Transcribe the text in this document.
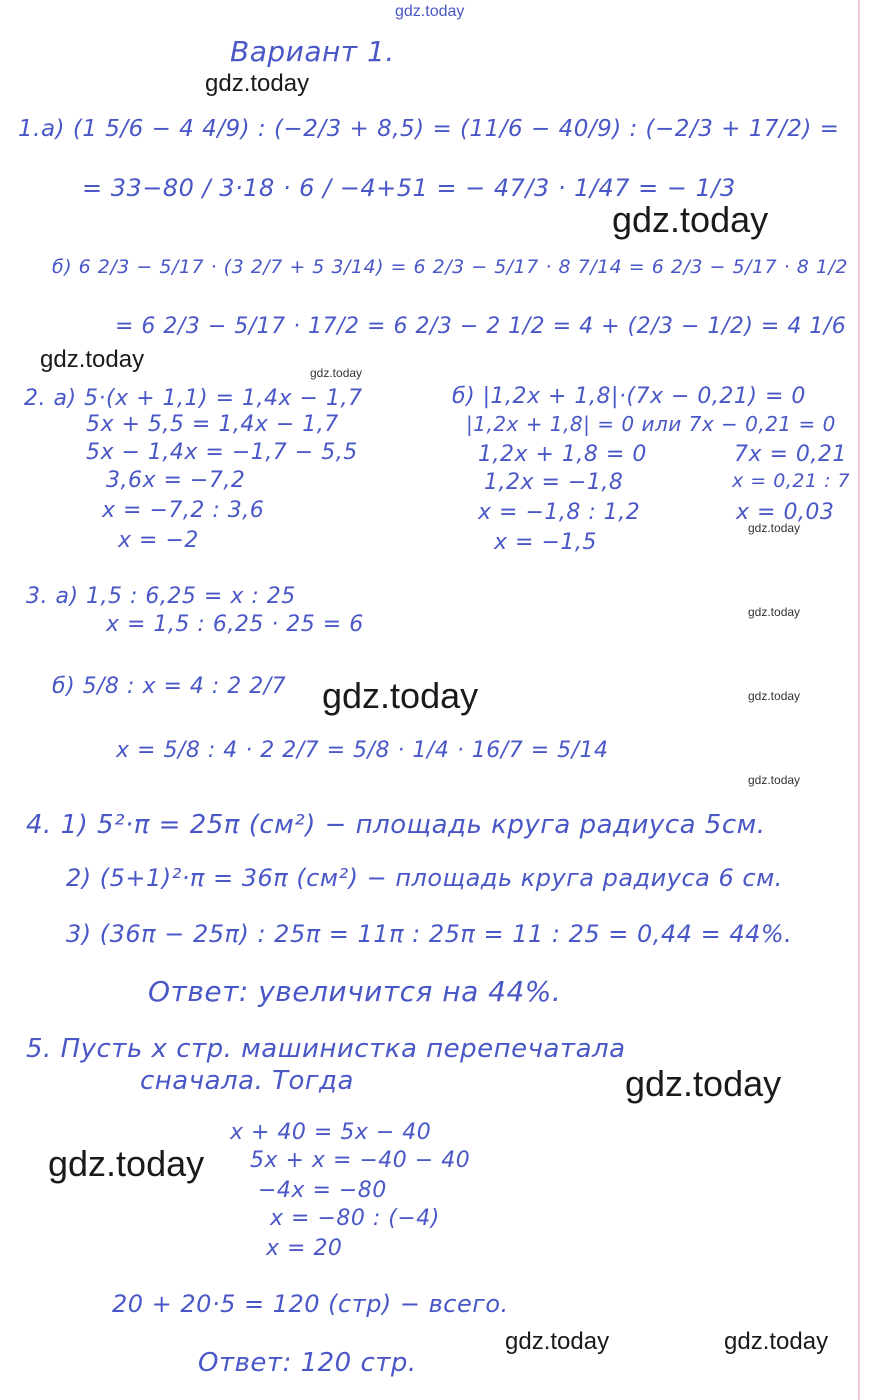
gdz.today
gdz.today
gdz.today
gdz.today	gdz.today
gdz.today
gdz.today
gdz.today	gdz.today
gdz.today
gdz.today
gdz.today
gdz.today	gdz.today
Вариант 1.
1.а) (1 5/6 − 4 4/9) : (−2/3 + 8,5) = (11/6 − 40/9) : (−2/3 + 17/2) =
= 33−80 / 3·18 · 6 / −4+51 = − 47/3 · 1/47 = − 1/3
б) 6 2/3 − 5/17 · (3 2/7 + 5 3/14) = 6 2/3 − 5/17 · 8 7/14 = 6 2/3 − 5/17 · 8 1/2
= 6 2/3 − 5/17 · 17/2 = 6 2/3 − 2 1/2 = 4 + (2/3 − 1/2) = 4 1/6
2. а) 5·(x + 1,1) = 1,4x − 1,7
5x + 5,5 = 1,4x − 1,7
5x − 1,4x = −1,7 − 5,5
3,6x = −7,2
x = −7,2 : 3,6
x = −2
б) |1,2x + 1,8|·(7x − 0,21) = 0
|1,2x + 1,8| = 0 или 7x − 0,21 = 0
1,2x + 1,8 = 0
1,2x = −1,8
x = −1,8 : 1,2
x = −1,5
7x = 0,21
x = 0,21 : 7
x = 0,03
3. а) 1,5 : 6,25 = x : 25
x = 1,5 : 6,25 · 25 = 6
б) 5/8 : x = 4 : 2 2/7
x = 5/8 : 4 · 2 2/7 = 5/8 · 1/4 · 16/7 = 5/14
4. 1) 5²·π = 25π (см²) − площадь круга радиуса 5см.
2) (5+1)²·π = 36π (см²) − площадь круга радиуса 6 см.
3) (36π − 25π) : 25π = 11π : 25π = 11 : 25 = 0,44 = 44%.
Ответ: увеличится на 44%.
5. Пусть x стр. машинистка перепечатала
сначала. Тогда
x + 40 = 5x − 40
5x + x = −40 − 40
−4x = −80
x = −80 : (−4)
x = 20
20 + 20·5 = 120 (стр) − всего.
Ответ: 120 стр.
